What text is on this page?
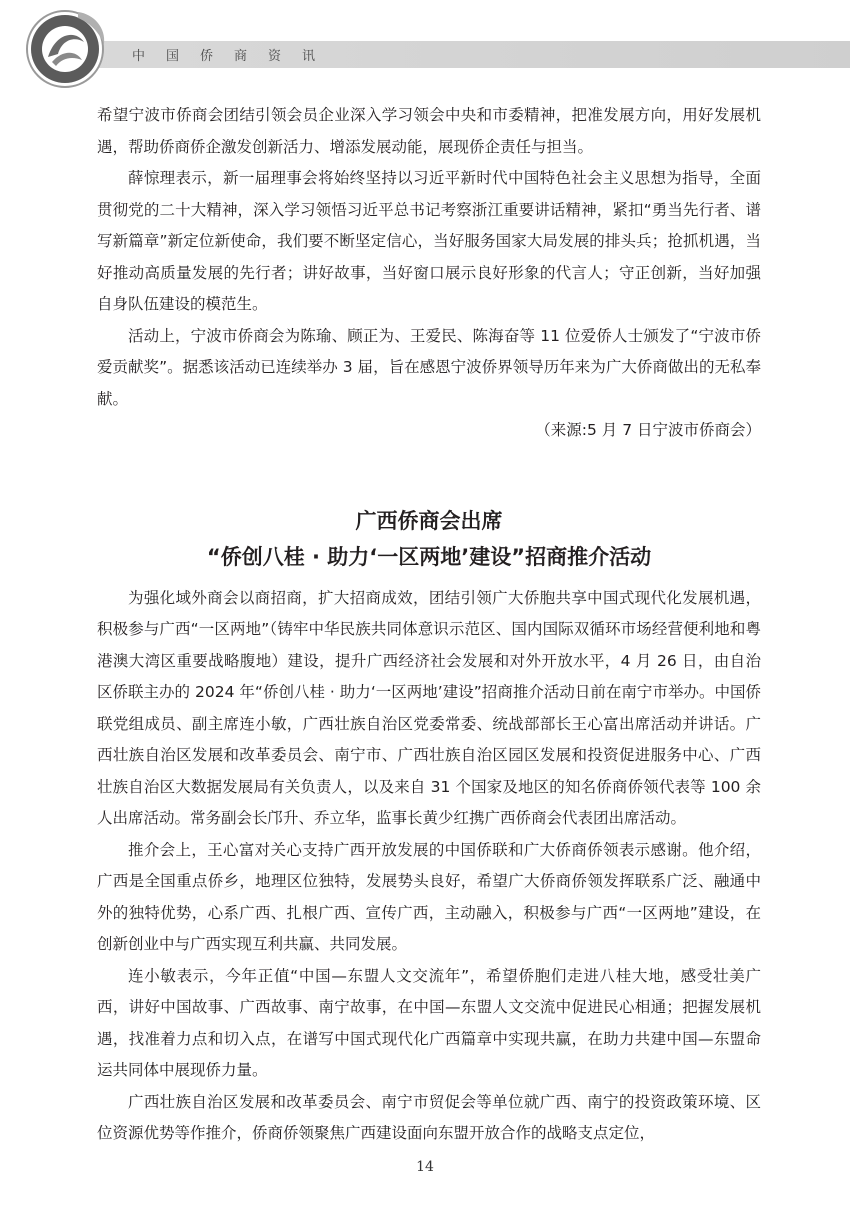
中国侨商资讯

希望宁波市侨商会团结引领会员企业深入学习领会中央和市委精神，把准发展方向，用好发展机遇，帮助侨商侨企激发创新活力、增添发展动能，展现侨企责任与担当。

薛惊理表示，新一届理事会将始终坚持以习近平新时代中国特色社会主义思想为指导，全面贯彻党的二十大精神，深入学习领悟习近平总书记考察浙江重要讲话精神，紧扣“勇当先行者、谱写新篇章”新定位新使命，我们要不断坚定信心，当好服务国家大局发展的排头兵；抢抓机遇，当好推动高质量发展的先行者；讲好故事，当好窗口展示良好形象的代言人；守正创新，当好加强自身队伍建设的模范生。

活动上，宁波市侨商会为陈瑜、顾正为、王爱民、陈海奋等 11 位爱侨人士颁发了“宁波市侨爱贡献奖”。据悉该活动已连续举办 3 届，旨在感恩宁波侨界领导历年来为广大侨商做出的无私奉献。

（来源:5 月 7 日宁波市侨商会）

广西侨商会出席

“侨创八桂 · 助力‘一区两地’建设”招商推介活动

为强化域外商会以商招商，扩大招商成效，团结引领广大侨胞共享中国式现代化发展机遇，积极参与广西“一区两地”（铸牢中华民族共同体意识示范区、国内国际双循环市场经营便利地和粤港澳大湾区重要战略腹地）建设，提升广西经济社会发展和对外开放水平，4 月 26 日，由自治区侨联主办的 2024 年“侨创八桂 · 助力‘一区两地’建设”招商推介活动日前在南宁市举办。中国侨联党组成员、副主席连小敏，广西壮族自治区党委常委、统战部部长王心富出席活动并讲话。广西壮族自治区发展和改革委员会、南宁市、广西壮族自治区园区发展和投资促进服务中心、广西壮族自治区大数据发展局有关负责人，以及来自 31 个国家及地区的知名侨商侨领代表等 100 余人出席活动。常务副会长邝升、乔立华，监事长黄少红携广西侨商会代表团出席活动。

推介会上，王心富对关心支持广西开放发展的中国侨联和广大侨商侨领表示感谢。他介绍，广西是全国重点侨乡，地理区位独特，发展势头良好，希望广大侨商侨领发挥联系广泛、融通中外的独特优势，心系广西、扎根广西、宣传广西，主动融入，积极参与广西“一区两地”建设，在创新创业中与广西实现互利共赢、共同发展。

连小敏表示，今年正值“中国—东盟人文交流年”，希望侨胞们走进八桂大地，感受壮美广西，讲好中国故事、广西故事、南宁故事，在中国—东盟人文交流中促进民心相通；把握发展机遇，找准着力点和切入点，在谱写中国式现代化广西篇章中实现共赢，在助力共建中国—东盟命运共同体中展现侨力量。

广西壮族自治区发展和改革委员会、南宁市贸促会等单位就广西、南宁的投资政策环境、区位资源优势等作推介，侨商侨领聚焦广西建设面向东盟开放合作的战略支点定位，

14
